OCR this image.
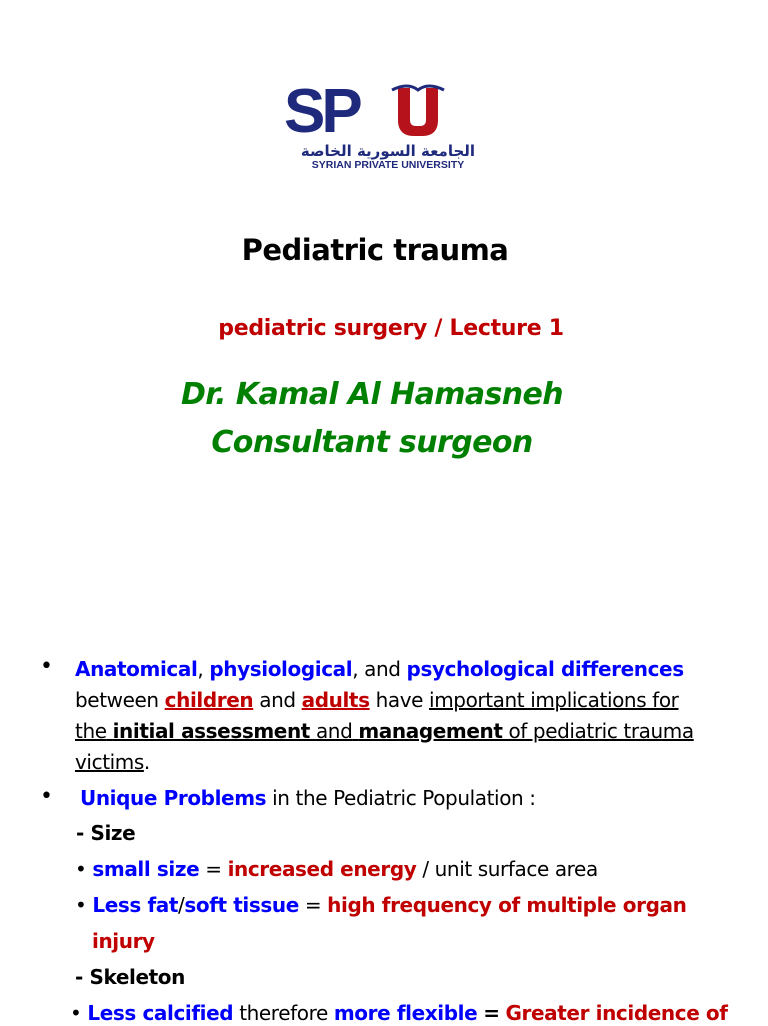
SP
الجامعة السورية الخاصة
SYRIAN PRIVATE UNIVERSITY
Pediatric trauma
pediatric surgery / Lecture 1
Dr. Kamal Al Hamasneh
Consultant surgeon
• Anatomical, physiological, and psychological differences
between children and adults have important implications for
the initial assessment and management of pediatric trauma
victims.
• Unique Problems in the Pediatric Population :
- Size
• small size = increased energy / unit surface area
• Less fat/soft tissue = high frequency of multiple organ
injury
- Skeleton
• Less calcified therefore more flexible = Greater incidence of
